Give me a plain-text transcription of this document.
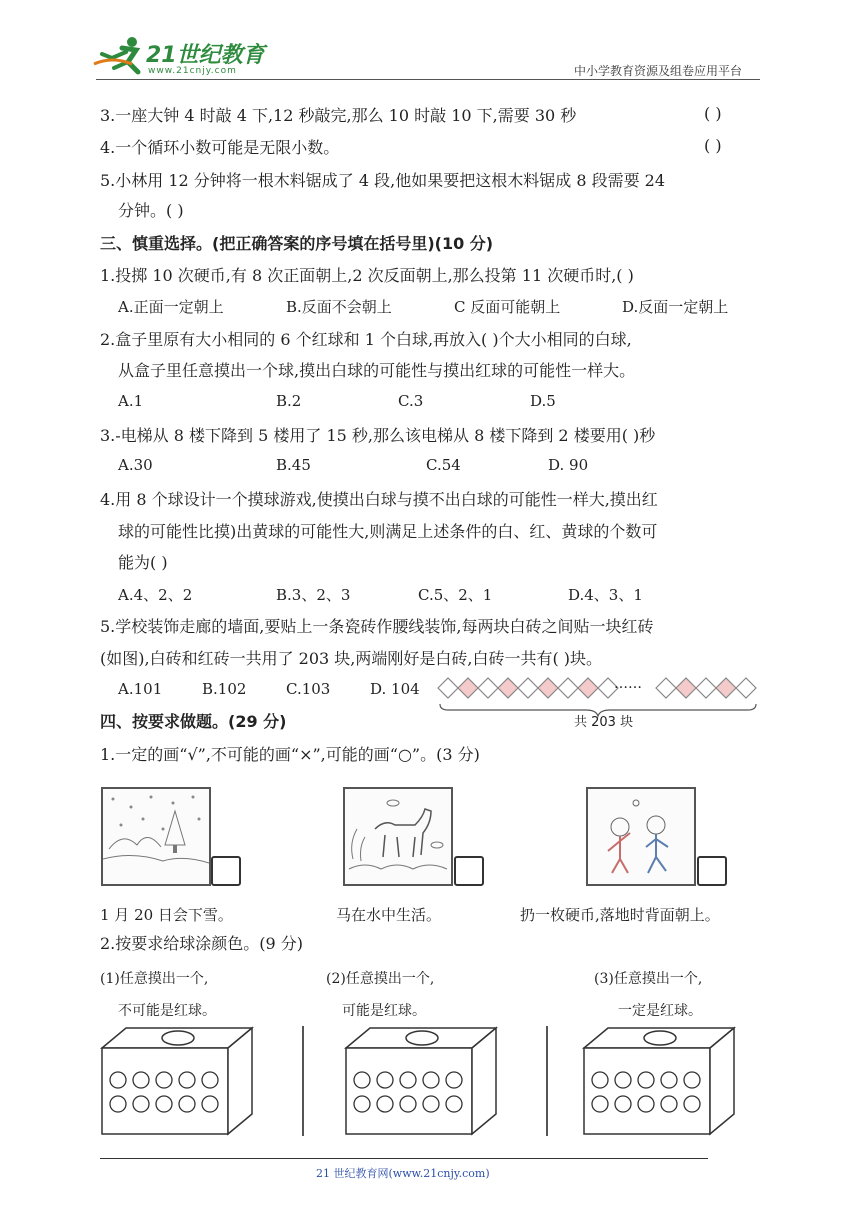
21世纪教育
www.21cnjy.com	中小学教育资源及组卷应用平台
3.一座大钟 4 时敲 4 下,12 秒敲完,那么 10 时敲 10 下,需要 30 秒	( )
4.一个循环小数可能是无限小数。	( )
5.小林用 12 分钟将一根木料锯成了 4 段,他如果要把这根木料锯成 8 段需要 24
分钟。( )
三、慎重选择。(把正确答案的序号填在括号里)(10 分)
1.投掷 10 次硬币,有 8 次正面朝上,2 次反面朝上,那么投第 11 次硬币时,( )
A.正面一定朝上	B.反面不会朝上	C 反面可能朝上	D.反面一定朝上
2.盒子里原有大小相同的 6 个红球和 1 个白球,再放入( )个大小相同的白球,
从盒子里任意摸出一个球,摸出白球的可能性与摸出红球的可能性一样大。
A.1	B.2	C.3	D.5
3.-电梯从 8 楼下降到 5 楼用了 15 秒,那么该电梯从 8 楼下降到 2 楼要用( )秒
A.30	B.45	C.54	D. 90
4.用 8 个球设计一个摸球游戏,使摸出白球与摸不出白球的可能性一样大,摸出红
球的可能性比摸)出黄球的可能性大,则满足上述条件的白、红、黄球的个数可
能为( )
A.4、2、2	B.3、2、3	C.5、2、1	D.4、3、1
5.学校装饰走廊的墙面,要贴上一条瓷砖作腰线装饰,每两块白砖之间贴一块红砖
(如图),白砖和红砖一共用了 203 块,两端刚好是白砖,白砖一共有( )块。
A.101	B.102	C.103	D. 104	……
共 203 块
四、按要求做题。(29 分)
1.一定的画“√”,不可能的画“×”,可能的画“○”。(3 分)
1 月 20 日会下雪。	马在水中生活。	扔一枚硬币,落地时背面朝上。
2.按要求给球涂颜色。(9 分)
(1)任意摸出一个,
不可能是红球。
(2)任意摸出一个,
可能是红球。
(3)任意摸出一个,
一定是红球。
21 世纪教育网(www.21cnjy.com)
